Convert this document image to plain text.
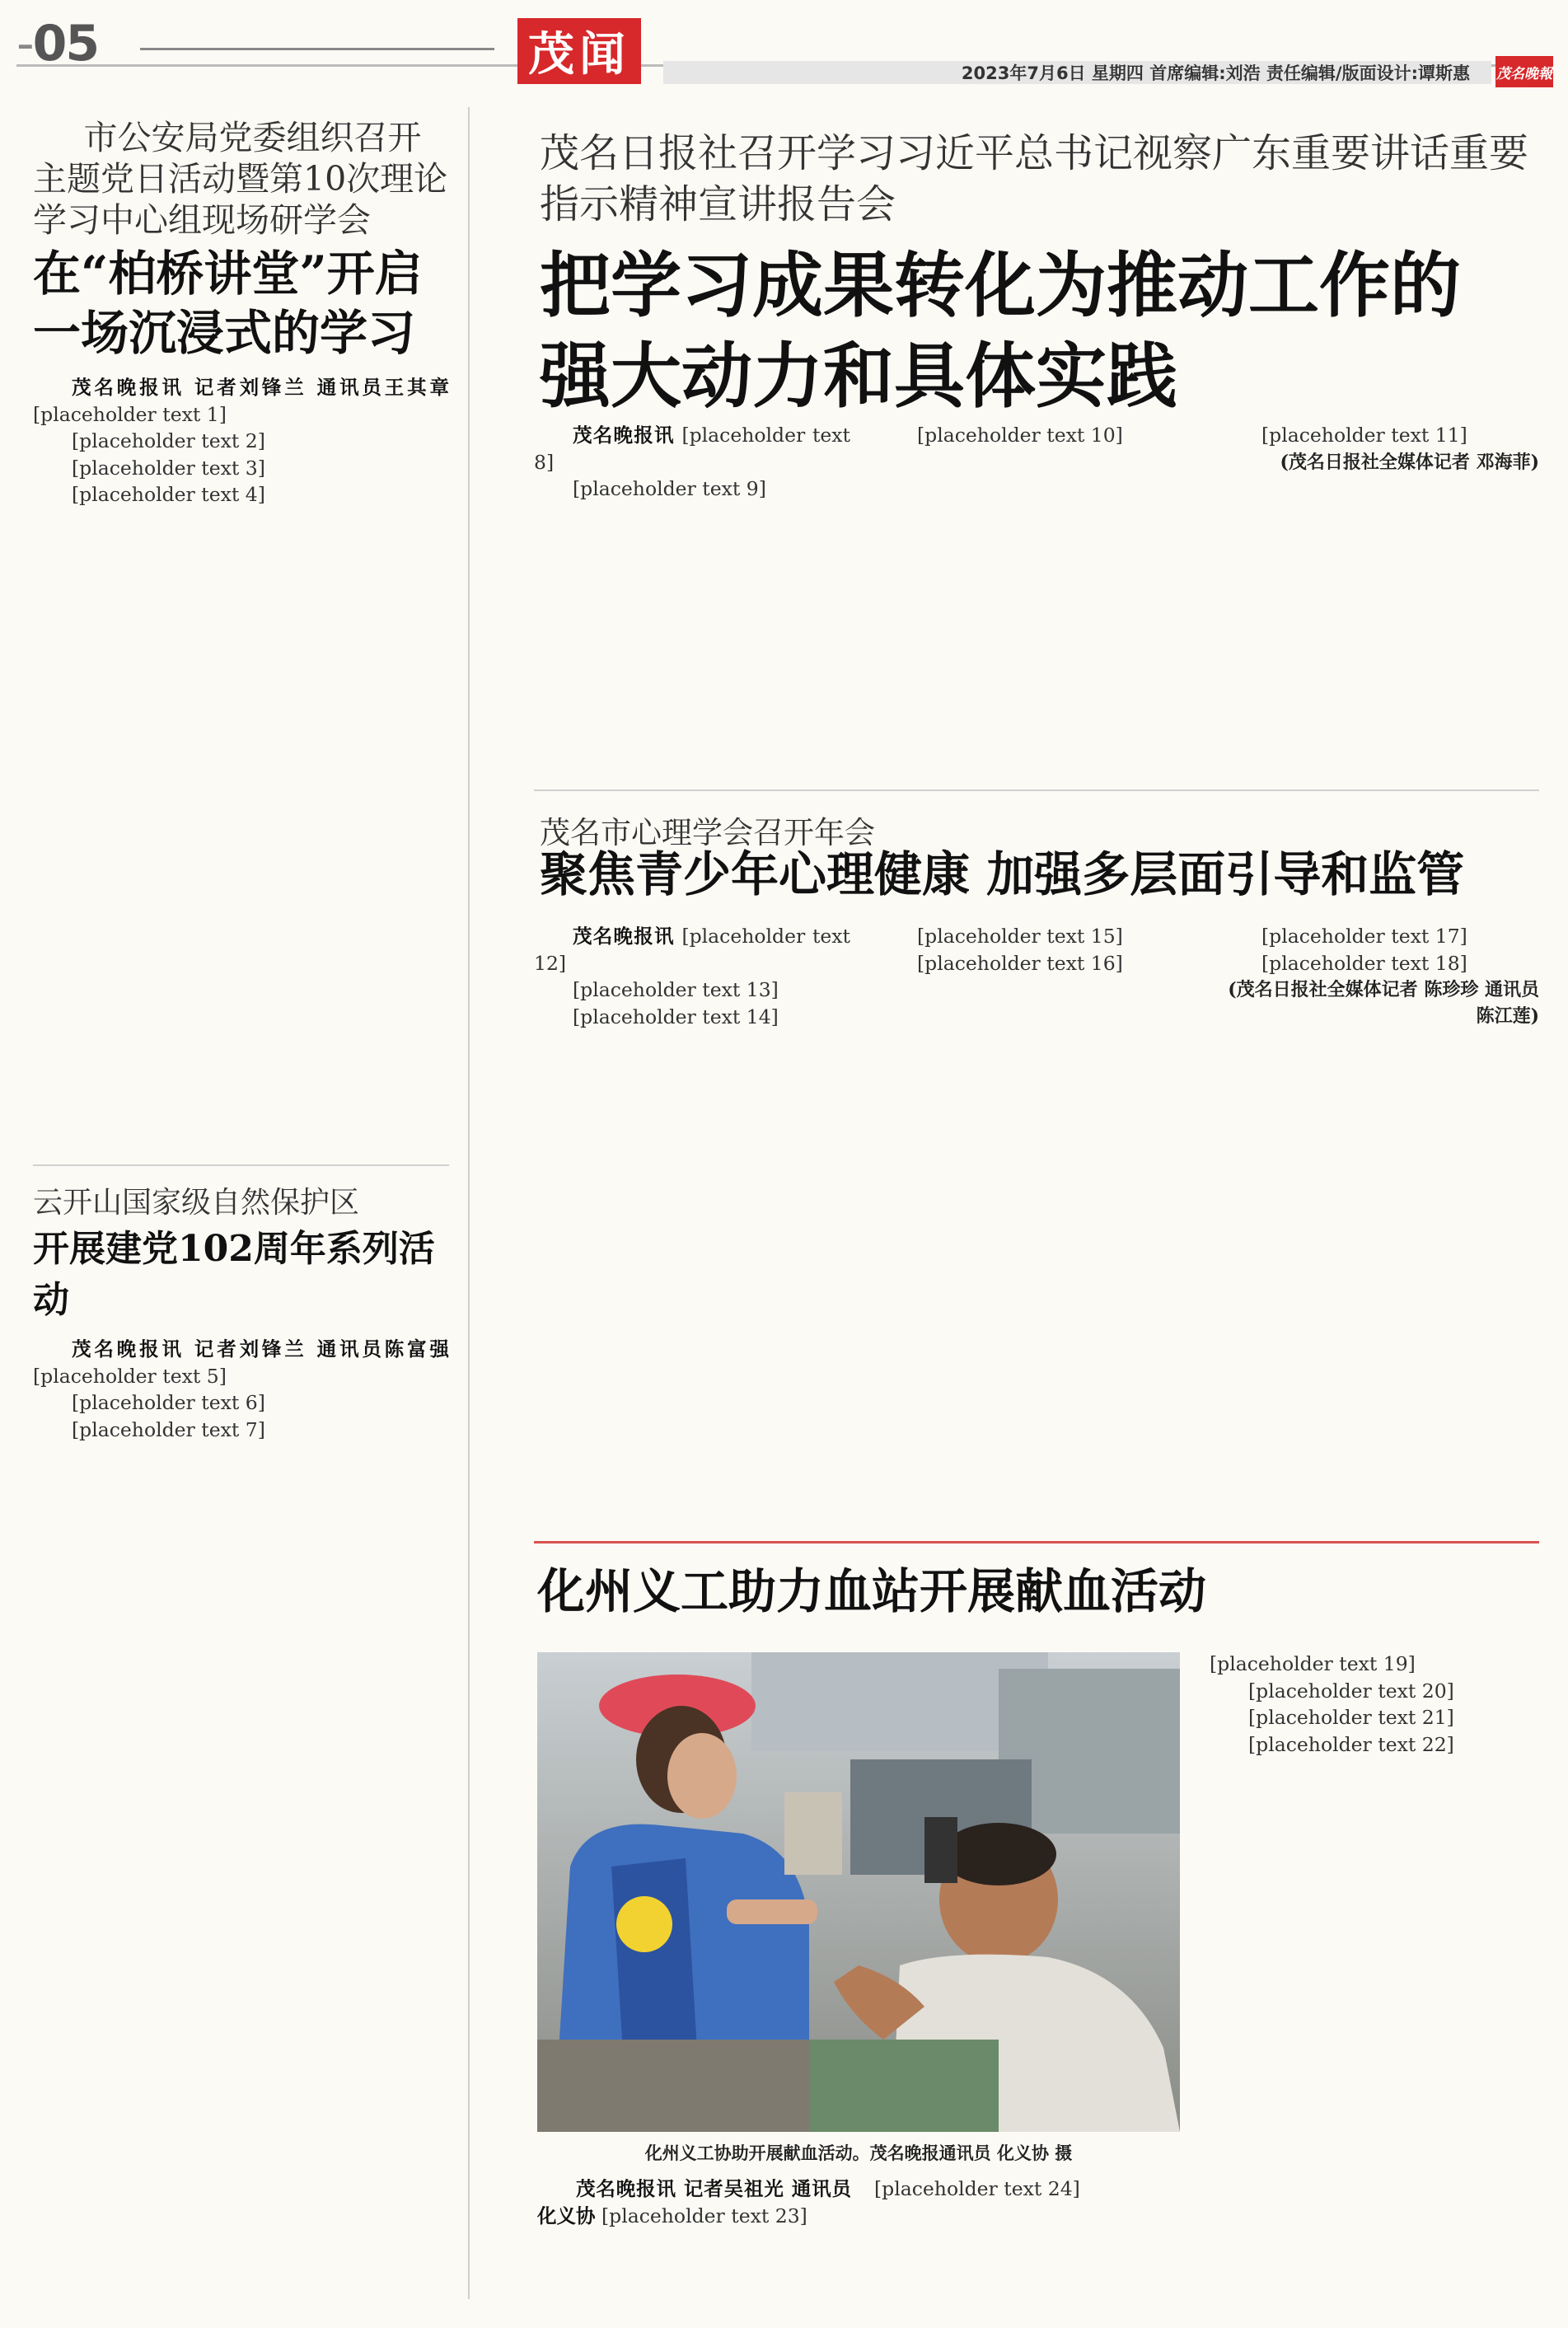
-05	茂闻	2023年7月6日 星期四 首席编辑:刘浩 责任编辑/版面设计:谭斯惠	茂名晚報
市公安局党委组织召开主题党日活动暨第10次理论学习中心组现场研学会
在“柏桥讲堂”开启一场沉浸式的学习

茂名晚报讯 记者刘锋兰 通讯员王其章 [placeholder text 1]

[placeholder text 2]

[placeholder text 3]

[placeholder text 4]

云开山国家级自然保护区
开展建党102周年系列活动

茂名晚报讯 记者刘锋兰 通讯员陈富强 [placeholder text 5]

[placeholder text 6]

[placeholder text 7]

茂名日报社召开学习习近平总书记视察广东重要讲话重要指示精神宣讲报告会
把学习成果转化为推动工作的强大动力和具体实践

茂名晚报讯 [placeholder text 8]

[placeholder text 9]

[placeholder text 10]	[placeholder text 11]

(茂名日报社全媒体记者 邓海菲)
茂名市心理学会召开年会
聚焦青少年心理健康 加强多层面引导和监管

茂名晚报讯 [placeholder text 12]

[placeholder text 13]

[placeholder text 14]

[placeholder text 15]

[placeholder text 16]

[placeholder text 17]

[placeholder text 18]

(茂名日报社全媒体记者 陈珍珍 通讯员陈江莲)
化州义工助力血站开展献血活动
化州义工协助开展献血活动。茂名晚报通讯员 化义协 摄

[placeholder text 19]

[placeholder text 20]

[placeholder text 21]

[placeholder text 22]

茂名晚报讯 记者吴祖光 通讯员化义协 [placeholder text 23]

[placeholder text 24]
